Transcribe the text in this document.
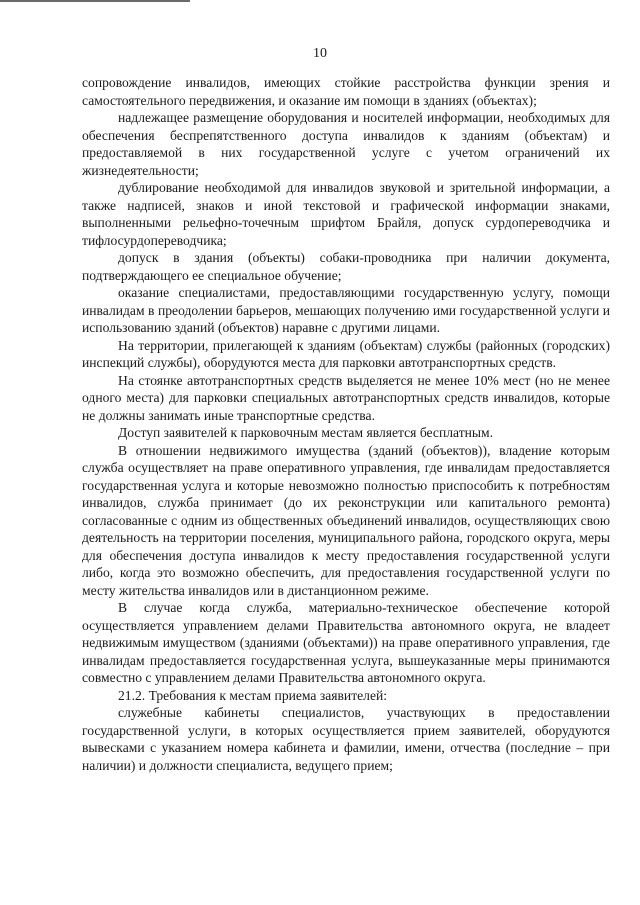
10

сопровождение инвалидов, имеющих стойкие расстройства функции зрения и самостоятельного передвижения, и оказание им помощи в зданиях (объектах);

надлежащее размещение оборудования и носителей информации, необходимых для обеспечения беспрепятственного доступа инвалидов к зданиям (объектам) и предоставляемой в них государственной услуге с учетом ограничений их жизнедеятельности;

дублирование необходимой для инвалидов звуковой и зрительной информации, а также надписей, знаков и иной текстовой и графической информации знаками, выполненными рельефно-точечным шрифтом Брайля, допуск сурдопереводчика и тифлосурдопереводчика;

допуск в здания (объекты) собаки-проводника при наличии документа, подтверждающего ее специальное обучение;

оказание специалистами, предоставляющими государственную услугу, помощи инвалидам в преодолении барьеров, мешающих получению ими государственной услуги и использованию зданий (объектов) наравне с другими лицами.

На территории, прилегающей к зданиям (объектам) службы (районных (городских) инспекций службы), оборудуются места для парковки автотранспортных средств.

На стоянке автотранспортных средств выделяется не менее 10% мест (но не менее одного места) для парковки специальных автотранспортных средств инвалидов, которые не должны занимать иные транспортные средства.

Доступ заявителей к парковочным местам является бесплатным.

В отношении недвижимого имущества (зданий (объектов)), владение которым служба осуществляет на праве оперативного управления, где инвалидам предоставляется государственная услуга и которые невозможно полностью приспособить к потребностям инвалидов, служба принимает (до их реконструкции или капитального ремонта) согласованные с одним из общественных объединений инвалидов, осуществляющих свою деятельность на территории поселения, муниципального района, городского округа, меры для обеспечения доступа инвалидов к месту предоставления государственной услуги либо, когда это возможно обеспечить, для предоставления государственной услуги по месту жительства инвалидов или в дистанционном режиме.

В случае когда служба, материально-техническое обеспечение которой осуществляется управлением делами Правительства автономного округа, не владеет недвижимым имуществом (зданиями (объектами)) на праве оперативного управления, где инвалидам предоставляется государственная услуга, вышеуказанные меры принимаются совместно с управлением делами Правительства автономного округа.

21.2. Требования к местам приема заявителей:

служебные кабинеты специалистов, участвующих в предоставлении государственной услуги, в которых осуществляется прием заявителей, оборудуются вывесками с указанием номера кабинета и фамилии, имени, отчества (последние – при наличии) и должности специалиста, ведущего прием;
